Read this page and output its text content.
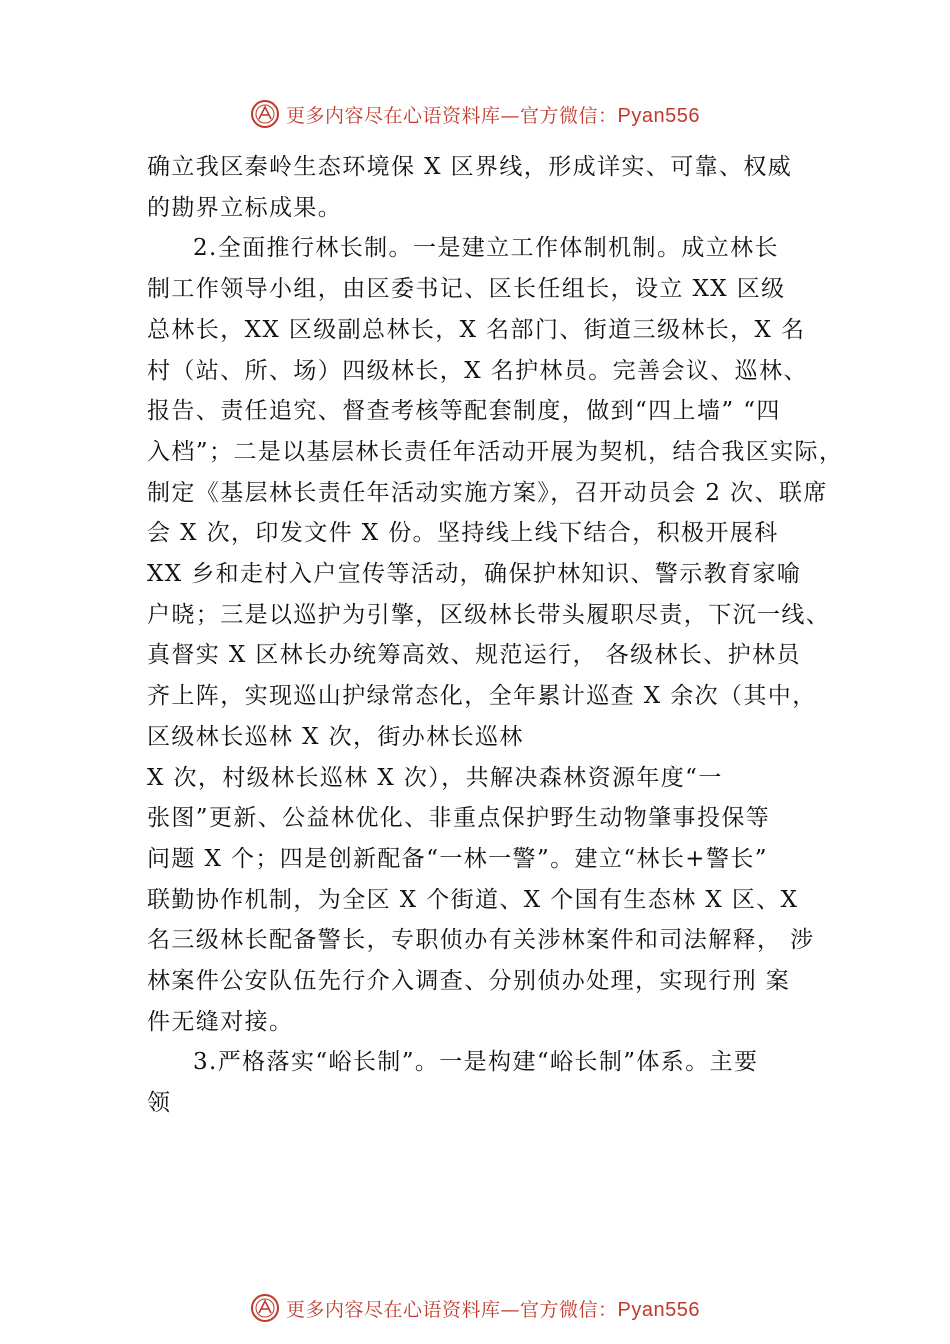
更多内容尽在心语资料库—官方微信：Pyan556
确立我区秦岭生态环境保 X 区界线，形成详实、可靠、权威
的勘界立标成果。
2.全面推行林长制。一是建立工作体制机制。成立林长
制工作领导小组，由区委书记、区长任组长，设立 XX 区级
总林长，XX 区级副总林长，X 名部门、街道三级林长，X 名
村（站、所、场）四级林长，X 名护林员。完善会议、巡林、
报告、责任追究、督查考核等配套制度，做到“四上墙” “四
入档”；二是以基层林长责任年活动开展为契机，结合我区实际，
制定《基层林长责任年活动实施方案》，召开动员会 2 次、联席
会 X 次，印发文件 X 份。坚持线上线下结合，积极开展科
XX 乡和走村入户宣传等活动，确保护林知识、警示教育家喻
户晓；三是以巡护为引擎，区级林长带头履职尽责，下沉一线、
真督实 X 区林长办统筹高效、规范运行， 各级林长、护林员
齐上阵，实现巡山护绿常态化，全年累计巡查 X 余次（其中，
区级林长巡林 X 次，街办林长巡林
X 次，村级林长巡林 X 次），共解决森林资源年度“一
张图”更新、公益林优化、非重点保护野生动物肇事投保等
问题 X 个；四是创新配备“一林一警”。建立“林长+警长”
联勤协作机制，为全区 X 个街道、X 个国有生态林 X 区、X
名三级林长配备警长，专职侦办有关涉林案件和司法解释， 涉
林案件公安队伍先行介入调查、分别侦办处理，实现行刑 案
件无缝对接。
3.严格落实“峪长制”。一是构建“峪长制”体系。主要
领
更多内容尽在心语资料库—官方微信：Pyan556
